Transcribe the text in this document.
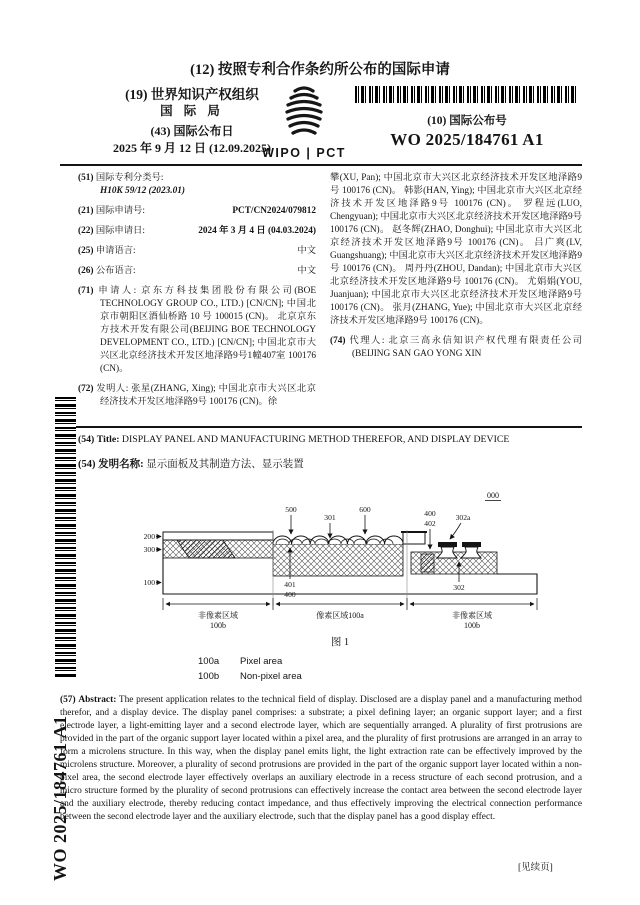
(12) 按照专利合作条约所公布的国际申请
(19) 世界知识产权组织
国 际 局
(43) 国际公布日
2025 年 9 月 12 日 (12.09.2025)
WIPO | PCT
(10) 国际公布号
WO 2025/184761 A1
(51) 国际专利分类号:
H10K 59/12 (2023.01)
(21) 国际申请号:	PCT/CN2024/079812
(22) 国际申请日:	2024 年 3 月 4 日 (04.03.2024)
(25) 申请语言:	中文
(26) 公布语言:	中文
(71) 申请人: 京东方科技集团股份有限公司(BOE TECHNOLOGY GROUP CO., LTD.) [CN/CN]; 中国北京市朝阳区酒仙桥路 10 号 100015 (CN)。 北京京东方技术开发有限公司(BEIJING BOE TECHNOLOGY DEVELOPMENT CO., LTD.) [CN/CN]; 中国北京市大兴区北京经济技术开发区地泽路9号1幢407室 100176 (CN)。
(72) 发明人: 张星(ZHANG, Xing); 中国北京市大兴区北京经济技术开发区地泽路9号 100176 (CN)。徐
攀(XU, Pan); 中国北京市大兴区北京经济技术开发区地泽路9号 100176 (CN)。 韩影(HAN, Ying); 中国北京市大兴区北京经济技术开发区地泽路9号 100176 (CN)。 罗程远(LUO, Chengyuan); 中国北京市大兴区北京经济技术开发区地泽路9号 100176 (CN)。 赵冬辉(ZHAO, Donghui); 中国北京市大兴区北京经济技术开发区地泽路9号 100176 (CN)。 吕广爽(LV, Guangshuang); 中国北京市大兴区北京经济技术开发区地泽路9号 100176 (CN)。 周丹丹(ZHOU, Dandan); 中国北京市大兴区北京经济技术开发区地泽路9号 100176 (CN)。 尤娟娟(YOU, Juanjuan); 中国北京市大兴区北京经济技术开发区地泽路9号 100176 (CN)。 张月(ZHANG, Yue); 中国北京市大兴区北京经济技术开发区地泽路9号 100176 (CN)。
(74) 代理人: 北京三高永信知识产权代理有限责任公司 (BEIJING SAN GAO YONG XIN
(54) Title: DISPLAY PANEL AND MANUFACTURING METHOD THEREFOR, AND DISPLAY DEVICE
(54) 发明名称: 显示面板及其制造方法、显示装置
000
200
300
100
500
301
600	400
402
302a
401
400
302
非像素区域
100b
像素区域100a	非像素区域
100b
图 1
100a	Pixel area
100b	Non-pixel area
(57) Abstract: The present application relates to the technical field of display. Disclosed are a display panel and a manufacturing method therefor, and a display device. The display panel comprises: a substrate; a pixel defining layer; an organic support layer; and a first electrode layer, a light-emitting layer and a second electrode layer, which are sequentially arranged. A plurality of first protrusions are provided in the part of the organic support layer located within a pixel area, and the plurality of first protrusions are arranged in an array to form a microlens structure. In this way, when the display panel emits light, the light extraction rate can be effectively improved by the microlens structure. Moreover, a plurality of second protrusions are provided in the part of the organic support layer located within a non-pixel area, the second electrode layer effectively overlaps an auxiliary electrode in a recess structure of each second protrusion, and a micro structure formed by the plurality of second protrusions can effectively increase the contact area between the second electrode layer and the auxiliary electrode, thereby reducing contact impedance, and thus effectively improving the electrical connection performance between the second electrode layer and the auxiliary electrode, such that the display panel has a good display effect.
[见续页]
WO 2025/184761 A1
